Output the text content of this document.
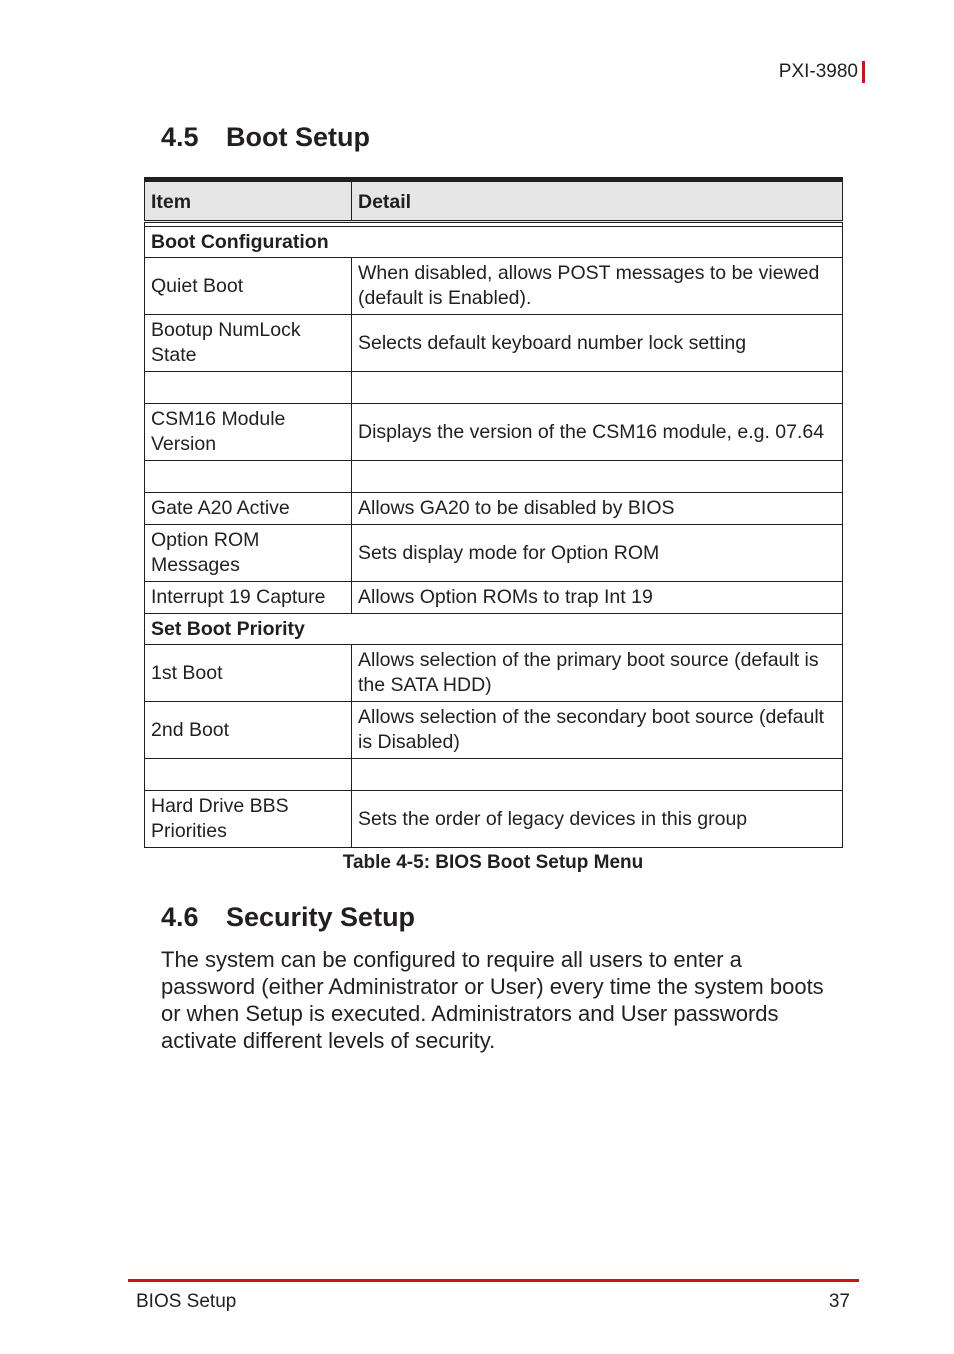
PXI-3980
4.5 Boot Setup
Item	Detail

Boot Configuration	
Quiet Boot	When disabled, allows POST messages to be viewed (default is Enabled).
Bootup NumLock State	Selects default keyboard number lock setting

CSM16 Module Version	Displays the version of the CSM16 module, e.g. 07.64

Gate A20 Active	Allows GA20 to be disabled by BIOS
Option ROM Messages	Sets display mode for Option ROM
Interrupt 19 Capture	Allows Option ROMs to trap Int 19
Set Boot Priority	
1st Boot	Allows selection of the primary boot source (default is the SATA HDD)
2nd Boot	Allows selection of the secondary boot source (default is Disabled)

Hard Drive BBS Priorities	Sets the order of legacy devices in this group
Table 4-5: BIOS Boot Setup Menu
4.6 Security Setup

The system can be configured to require all users to enter a password (either Administrator or User) every time the system boots or when Setup is executed. Administrators and User passwords activate different levels of security.

BIOS Setup	37
